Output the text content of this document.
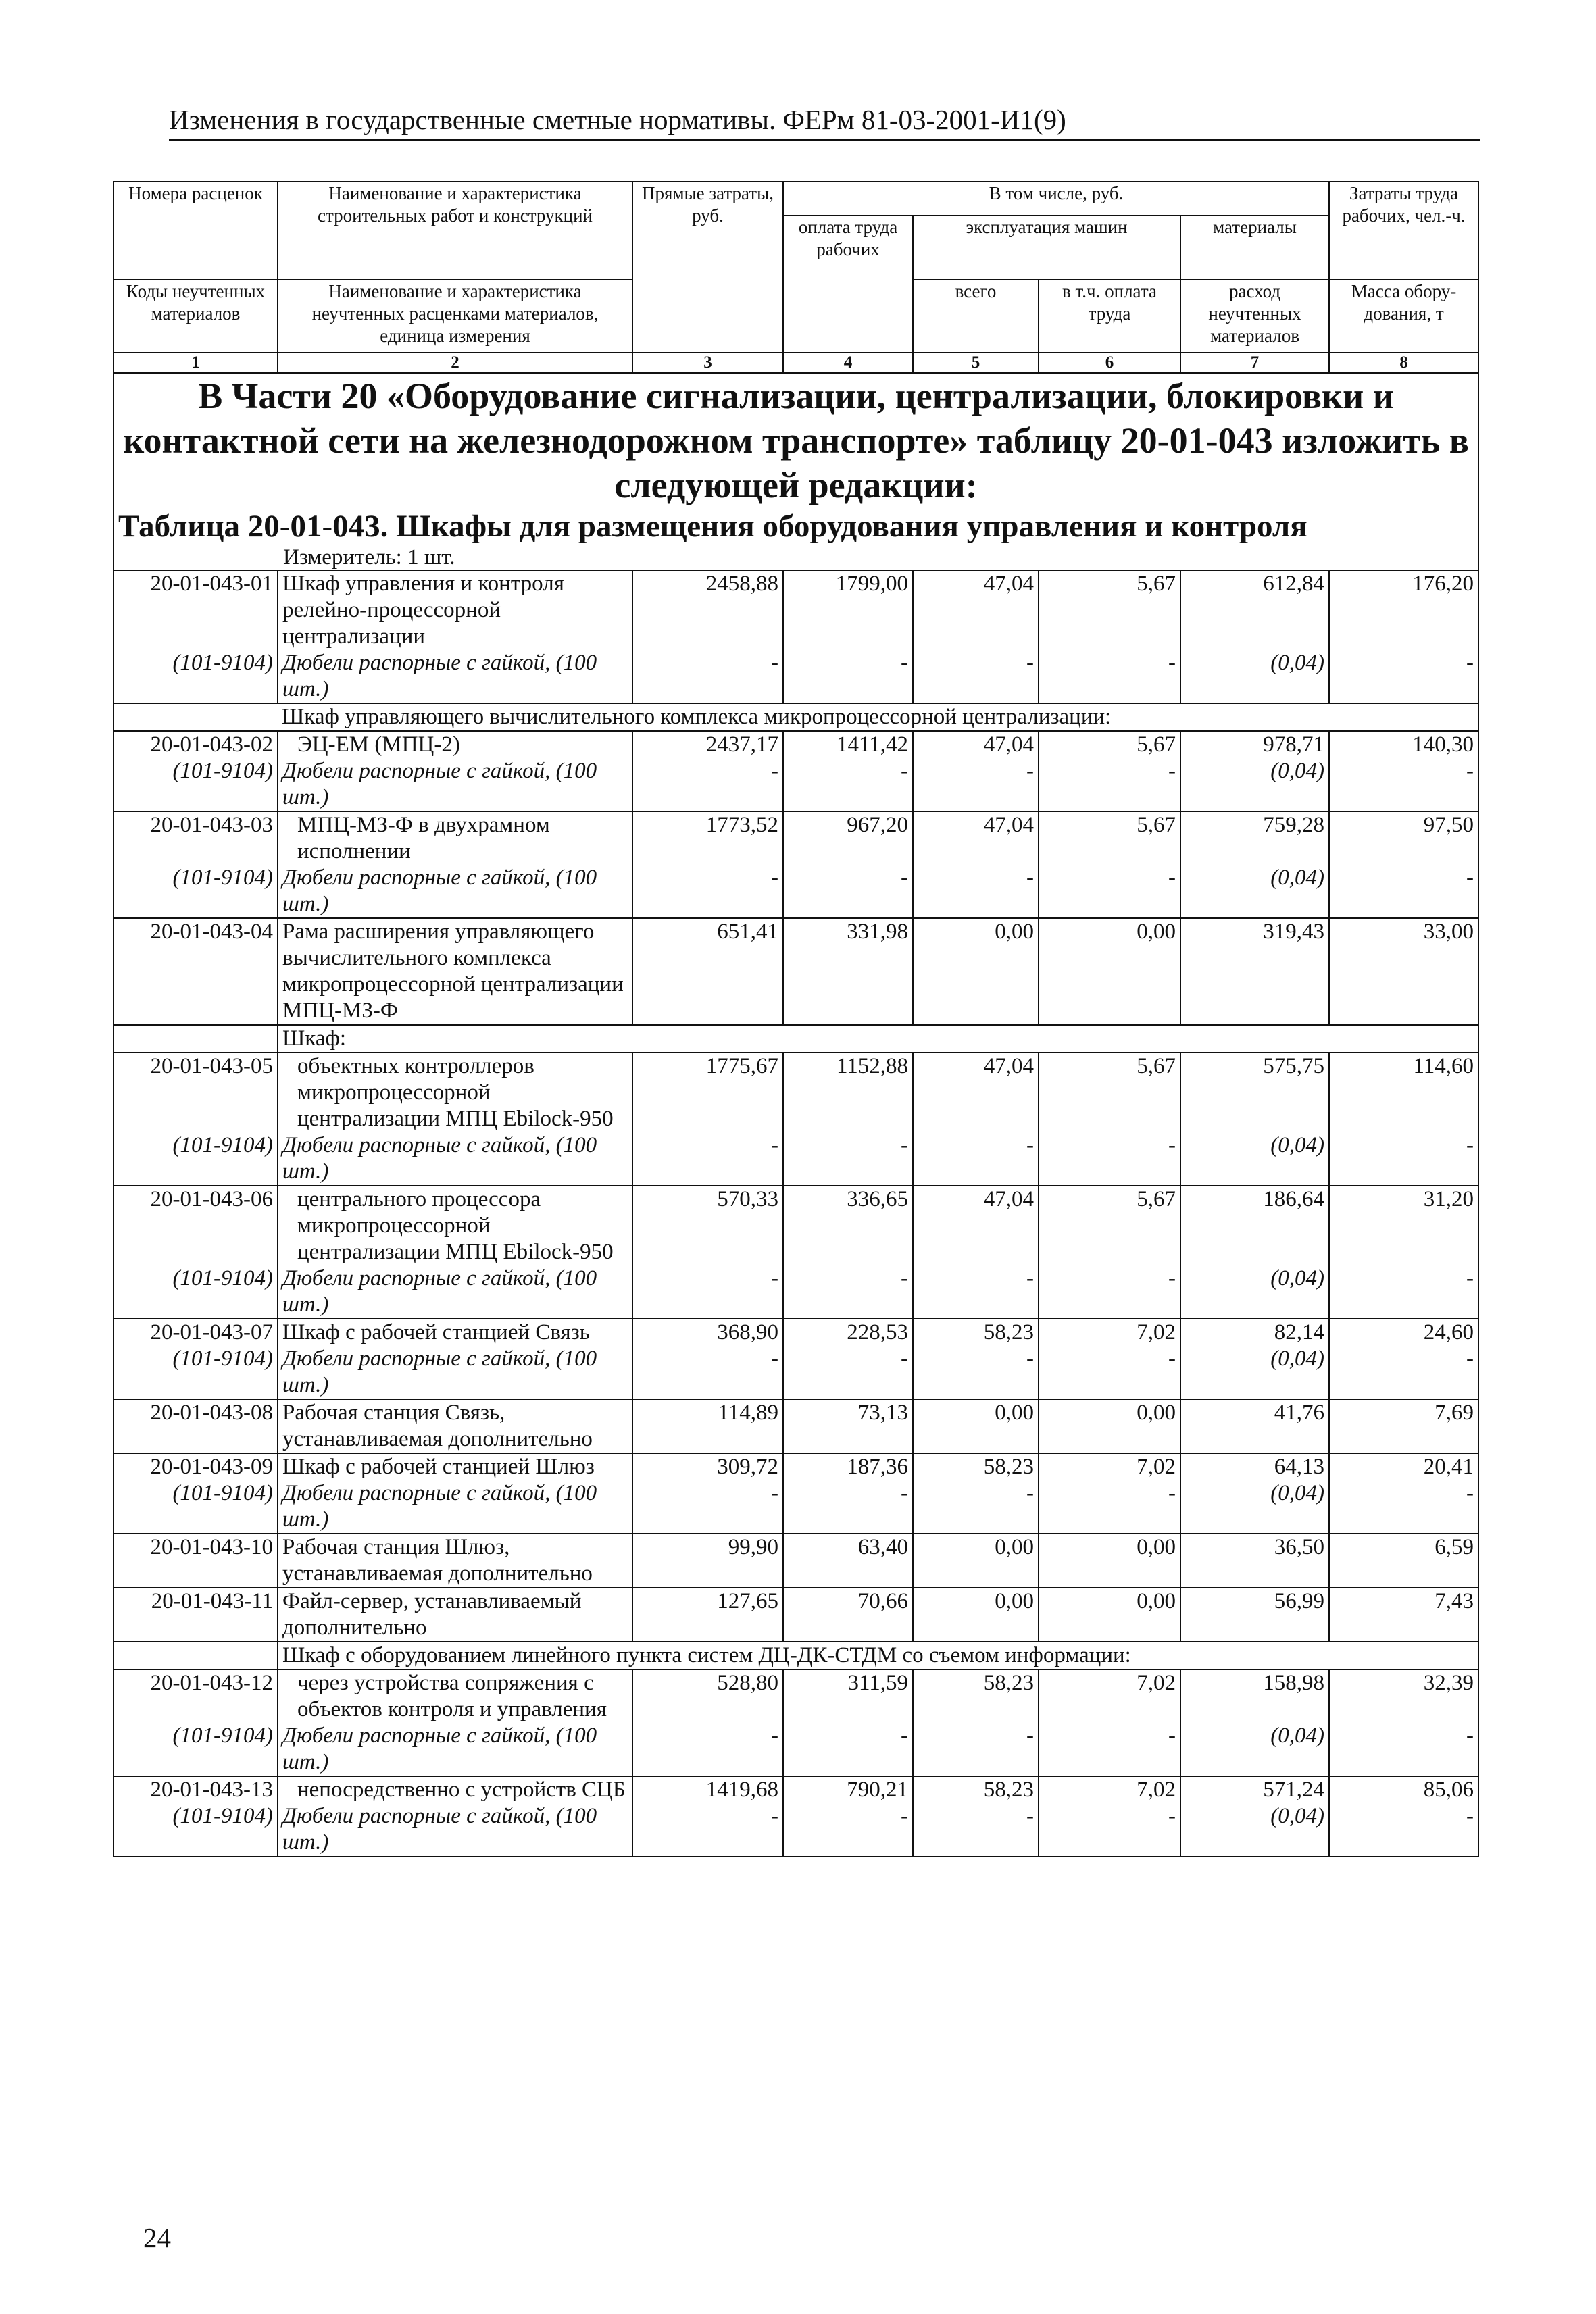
Изменения в государственные сметные нормативы. ФЕРм 81-03-2001-И1(9)
Номера расценок	Наименование и характеристика строительных работ и конструкций	Прямые затраты, руб.	В том числе, руб.				Затраты труда рабочих, чел.-ч.
			оплата труда рабочих	эксплуатация машин		материалы	

Коды неучтенных материалов	Наименование и характеристика неучтенных расценками материалов, единица измерения			всего	в т.ч. оплата труда	расход неучтенных материалов	Масса обору-дования, т

1	2	3	4	5	6	7	8
В Части 20 «Оборудование сигнализации, централизации, блокировки и контактной сети на железнодорожном транспорте» таблицу 20-01-043 изложить в следующей редакции:							
Таблица 20-01-043. Шкафы для размещения оборудования управления и контроля							
	Измеритель: 1 шт.						
20-01-043-01	Шкаф управления и контроля релейно-процессорной централизации	2458,88	1799,00	47,04	5,67	612,84	176,20
(101-9104)	Дюбели распорные с гайкой, (100 шт.)	-	-	-	-	(0,04)	-
	Шкаф управляющего вычислительного комплекса микропроцессорной централизации:						
20-01-043-02	ЭЦ-ЕМ (МПЦ-2)	2437,17	1411,42	47,04	5,67	978,71	140,30
(101-9104)	Дюбели распорные с гайкой, (100 шт.)	-	-	-	-	(0,04)	-
20-01-043-03	МПЦ-МЗ-Ф в двухрамном исполнении	1773,52	967,20	47,04	5,67	759,28	97,50
(101-9104)	Дюбели распорные с гайкой, (100 шт.)	-	-	-	-	(0,04)	-
20-01-043-04	Рама расширения управляющего вычислительного комплекса микропроцессорной централизации МПЦ-МЗ-Ф	651,41	331,98	0,00	0,00	319,43	33,00
	Шкаф:						
20-01-043-05	объектных контроллеров микропроцессорной централизации МПЦ Ebilock-950	1775,67	1152,88	47,04	5,67	575,75	114,60
(101-9104)	Дюбели распорные с гайкой, (100 шт.)	-	-	-	-	(0,04)	-
20-01-043-06	центрального процессора микропроцессорной централизации МПЦ Ebilock-950	570,33	336,65	47,04	5,67	186,64	31,20
(101-9104)	Дюбели распорные с гайкой, (100 шт.)	-	-	-	-	(0,04)	-
20-01-043-07	Шкаф с рабочей станцией Связь	368,90	228,53	58,23	7,02	82,14	24,60
(101-9104)	Дюбели распорные с гайкой, (100 шт.)	-	-	-	-	(0,04)	-
20-01-043-08	Рабочая станция Связь, устанавливаемая дополнительно	114,89	73,13	0,00	0,00	41,76	7,69
20-01-043-09	Шкаф с рабочей станцией Шлюз	309,72	187,36	58,23	7,02	64,13	20,41
(101-9104)	Дюбели распорные с гайкой, (100 шт.)	-	-	-	-	(0,04)	-
20-01-043-10	Рабочая станция Шлюз, устанавливаемая дополнительно	99,90	63,40	0,00	0,00	36,50	6,59
20-01-043-11	Файл-сервер, устанавливаемый дополнительно	127,65	70,66	0,00	0,00	56,99	7,43
	Шкаф с оборудованием линейного пункта систем ДЦ-ДК-СТДМ со съемом информации:						
20-01-043-12	через устройства сопряжения с объектов контроля и управления	528,80	311,59	58,23	7,02	158,98	32,39
(101-9104)	Дюбели распорные с гайкой, (100 шт.)	-	-	-	-	(0,04)	-
20-01-043-13	непосредственно с устройств СЦБ	1419,68	790,21	58,23	7,02	571,24	85,06
(101-9104)	Дюбели распорные с гайкой, (100 шт.)	-	-	-	-	(0,04)	-
24
